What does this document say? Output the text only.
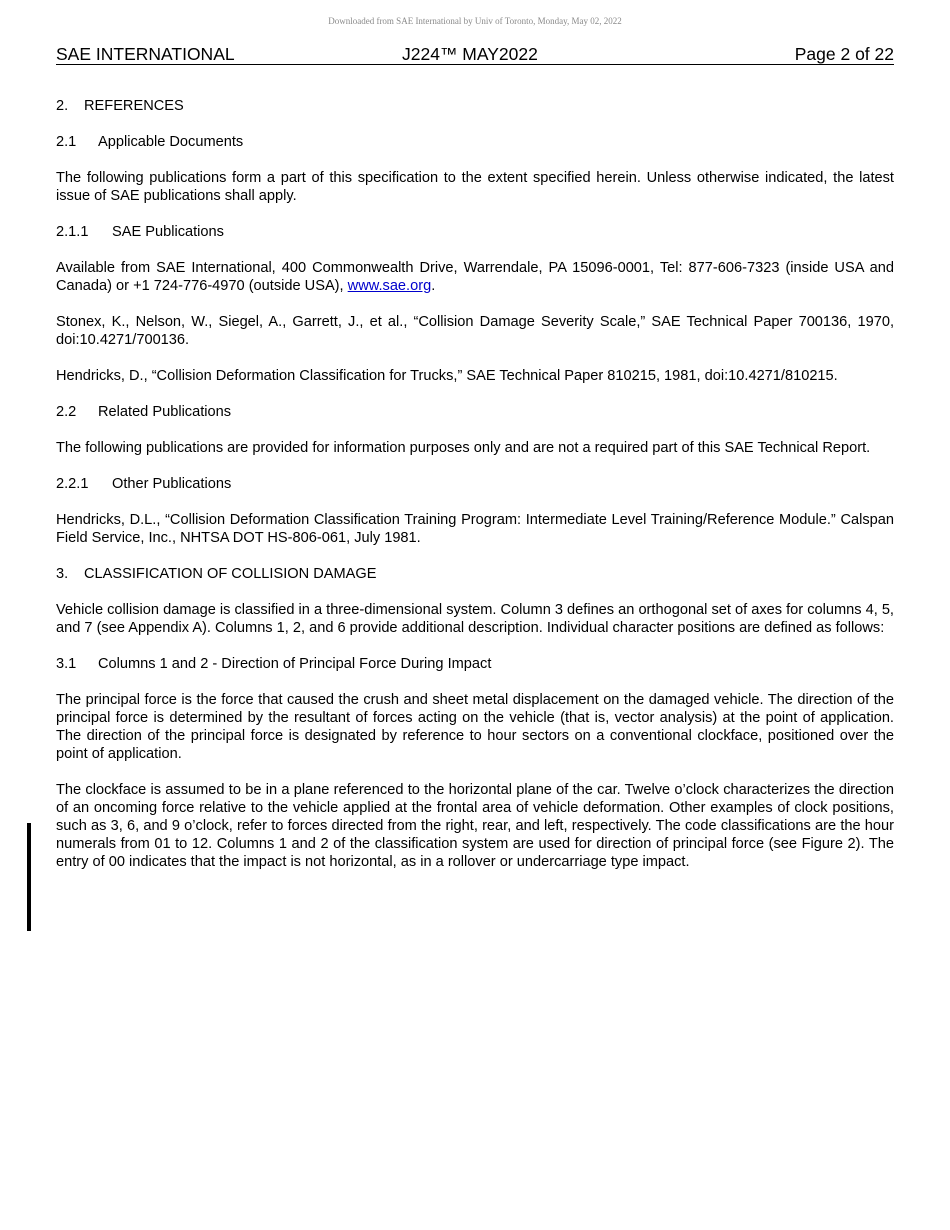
Downloaded from SAE International by Univ of Toronto, Monday, May 02, 2022
SAE INTERNATIONAL	J224™ MAY2022	Page 2 of 22
2. REFERENCES
2.1 Applicable Documents

The following publications form a part of this specification to the extent specified herein. Unless otherwise indicated, the latest issue of SAE publications shall apply.

2.1.1 SAE Publications

Available from SAE International, 400 Commonwealth Drive, Warrendale, PA 15096-0001, Tel: 877-606-7323 (inside USA and Canada) or +1 724-776-4970 (outside USA), www.sae.org.

Stonex, K., Nelson, W., Siegel, A., Garrett, J., et al., “Collision Damage Severity Scale,” SAE Technical Paper 700136, 1970, doi:10.4271/700136.

Hendricks, D., “Collision Deformation Classification for Trucks,” SAE Technical Paper 810215, 1981, doi:10.4271/810215.

2.2 Related Publications

The following publications are provided for information purposes only and are not a required part of this SAE Technical Report.

2.2.1 Other Publications

Hendricks, D.L., “Collision Deformation Classification Training Program: Intermediate Level Training/Reference Module.” Calspan Field Service, Inc., NHTSA DOT HS-806-061, July 1981.

3. CLASSIFICATION OF COLLISION DAMAGE

Vehicle collision damage is classified in a three-dimensional system. Column 3 defines an orthogonal set of axes for columns 4, 5, and 7 (see Appendix A). Columns 1, 2, and 6 provide additional description. Individual character positions are defined as follows:

3.1 Columns 1 and 2 - Direction of Principal Force During Impact

The principal force is the force that caused the crush and sheet metal displacement on the damaged vehicle. The direction of the principal force is determined by the resultant of forces acting on the vehicle (that is, vector analysis) at the point of application. The direction of the principal force is designated by reference to hour sectors on a conventional clockface, positioned over the point of application.

The clockface is assumed to be in a plane referenced to the horizontal plane of the car. Twelve o’clock characterizes the direction of an oncoming force relative to the vehicle applied at the frontal area of vehicle deformation. Other examples of clock positions, such as 3, 6, and 9 o’clock, refer to forces directed from the right, rear, and left, respectively. The code classifications are the hour numerals from 01 to 12. Columns 1 and 2 of the classification system are used for direction of principal force (see Figure 2). The entry of 00 indicates that the impact is not horizontal, as in a rollover or undercarriage type impact.
